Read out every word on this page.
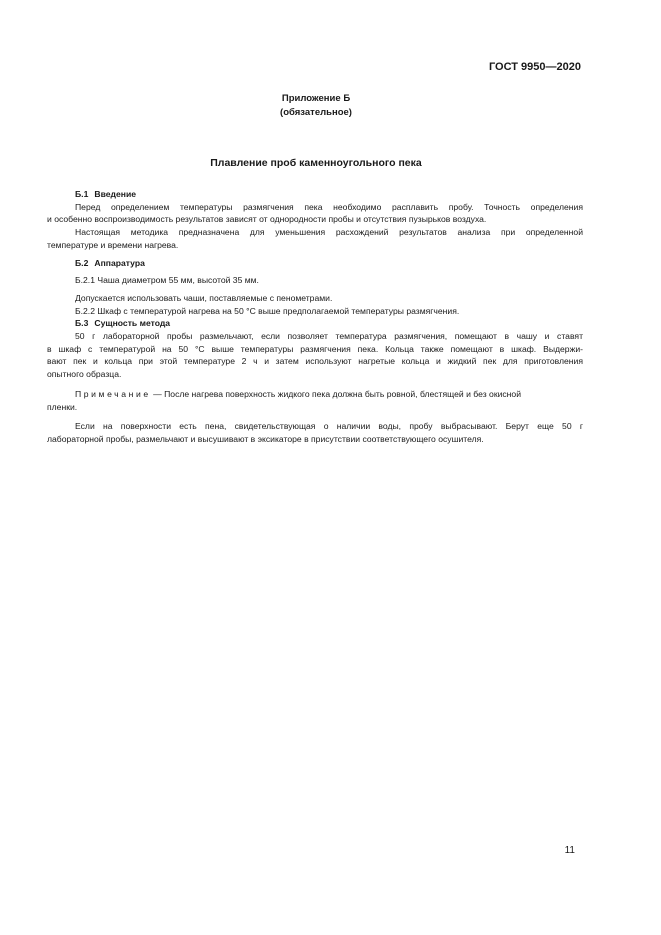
ГОСТ 9950—2020
Приложение Б
(обязательное)
Плавление проб каменноугольного пека
Б.1 Введение
Перед определением температуры размягчения пека необходимо расплавить пробу. Точность определения
и особенно воспроизводимость результатов зависят от однородности пробы и отсутствия пузырьков воздуха.
Настоящая методика предназначена для уменьшения расхождений результатов анализа при определенной
температуре и времени нагрева.
Б.2 Аппаратура
Б.2.1 Чаша диаметром 55 мм, высотой 35 мм.
Допускается использовать чаши, поставляемые с пенометрами.
Б.2.2 Шкаф с температурой нагрева на 50 °С выше предполагаемой температуры размягчения.
Б.3 Сущность метода
50 г лабораторной пробы размельчают, если позволяет температура размягчения, помещают в чашу и ставят
в шкаф с температурой на 50 °С выше температуры размягчения пека. Кольца также помещают в шкаф. Выдержи-
вают пек и кольца при этой температуре 2 ч и затем используют нагретые кольца и жидкий пек для приготовления
опытного образца.
Примечание — После нагрева поверхность жидкого пека должна быть ровной, блестящей и без окисной
пленки.
Если на поверхности есть пена, свидетельствующая о наличии воды, пробу выбрасывают. Берут еще 50 г
лабораторной пробы, размельчают и высушивают в эксикаторе в присутствии соответствующего осушителя.
11
